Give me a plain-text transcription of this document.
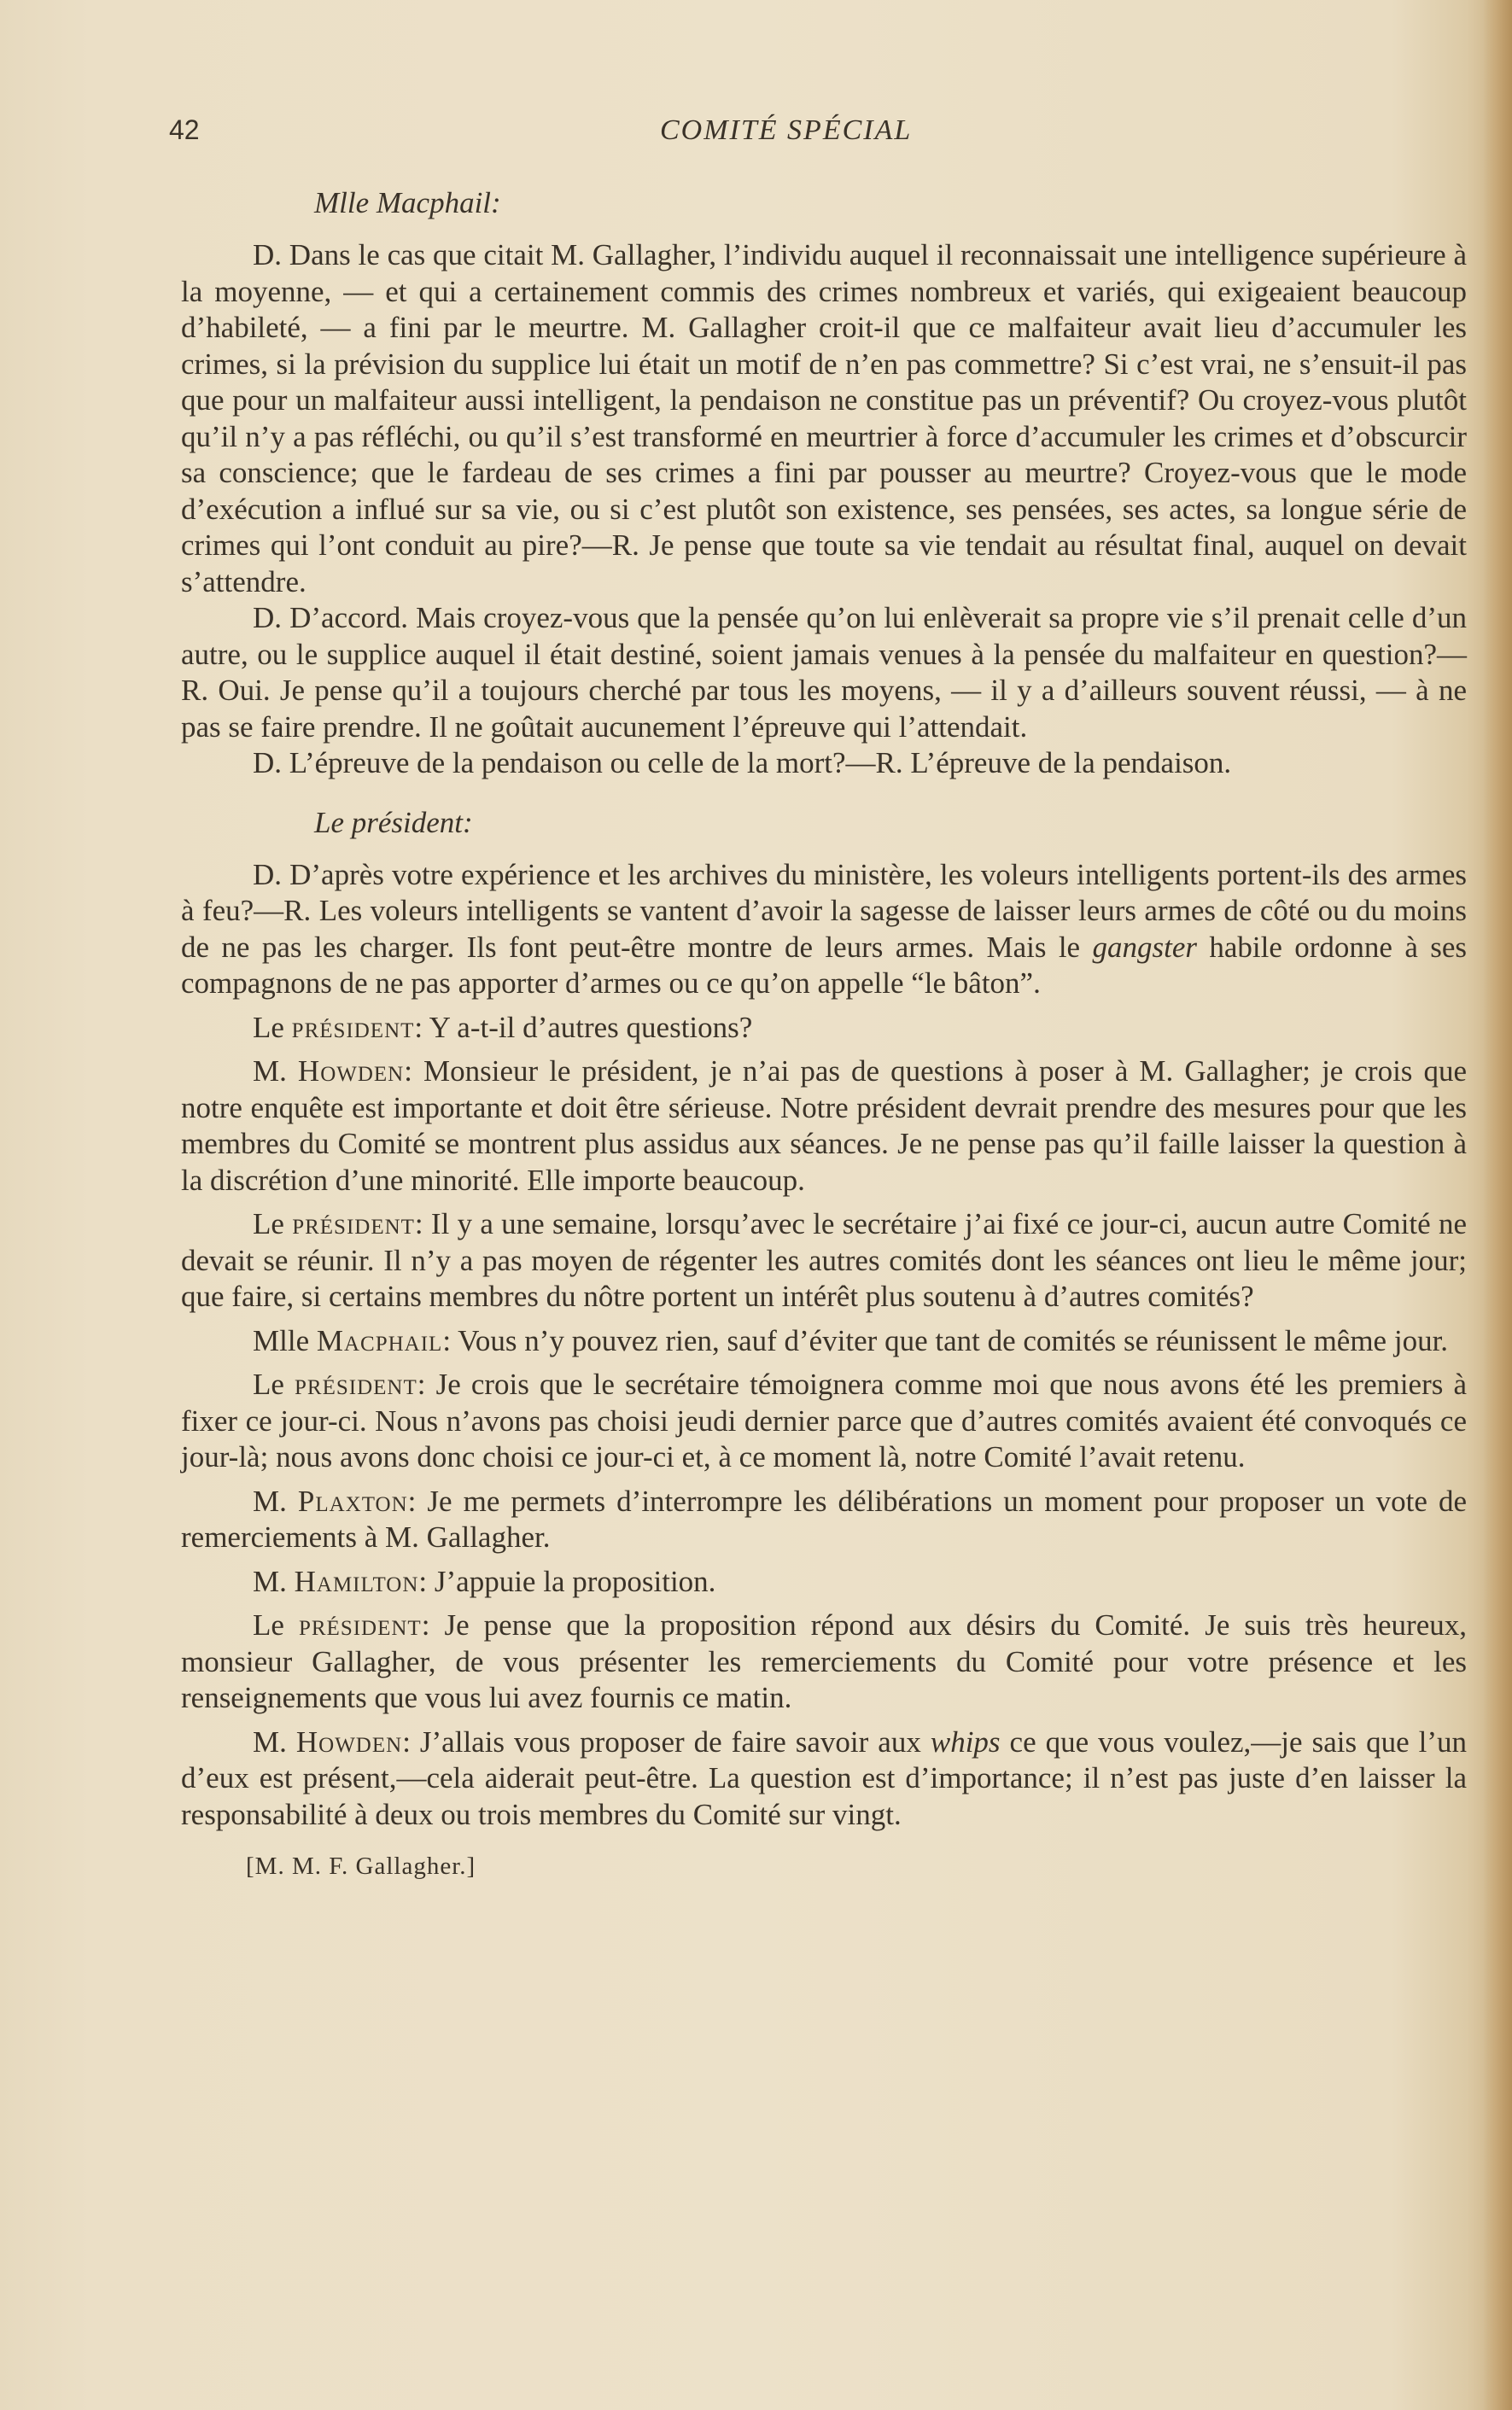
42	COMITÉ SPÉCIAL
Mlle Macphail:

D. Dans le cas que citait M. Gallagher, l’individu auquel il reconnaissait une intelligence supérieure à la moyenne, — et qui a certainement commis des crimes nombreux et variés, qui exigeaient beaucoup d’habileté, — a fini par le meurtre. M. Gallagher croit-il que ce malfaiteur avait lieu d’accumuler les crimes, si la prévision du supplice lui était un motif de n’en pas commettre? Si c’est vrai, ne s’ensuit-il pas que pour un malfaiteur aussi intelligent, la pendaison ne constitue pas un préventif? Ou croyez-vous plutôt qu’il n’y a pas réfléchi, ou qu’il s’est transformé en meurtrier à force d’accumuler les crimes et d’obscurcir sa conscience; que le fardeau de ses crimes a fini par pousser au meurtre? Croyez-vous que le mode d’exécution a influé sur sa vie, ou si c’est plutôt son existence, ses pensées, ses actes, sa longue série de crimes qui l’ont conduit au pire?—R. Je pense que toute sa vie tendait au résultat final, auquel on devait s’attendre.

D. D’accord. Mais croyez-vous que la pensée qu’on lui enlèverait sa propre vie s’il prenait celle d’un autre, ou le supplice auquel il était destiné, soient jamais venues à la pensée du malfaiteur en question?—R. Oui. Je pense qu’il a toujours cherché par tous les moyens, — il y a d’ailleurs souvent réussi, — à ne pas se faire prendre. Il ne goûtait aucunement l’épreuve qui l’attendait.

D. L’épreuve de la pendaison ou celle de la mort?—R. L’épreuve de la pendaison.

Le président:

D. D’après votre expérience et les archives du ministère, les voleurs intelligents portent-ils des armes à feu?—R. Les voleurs intelligents se vantent d’avoir la sagesse de laisser leurs armes de côté ou du moins de ne pas les charger. Ils font peut-être montre de leurs armes. Mais le gangster habile ordonne à ses compagnons de ne pas apporter d’armes ou ce qu’on appelle “le bâton”.

Le président: Y a-t-il d’autres questions?

M. Howden: Monsieur le président, je n’ai pas de questions à poser à M. Gallagher; je crois que notre enquête est importante et doit être sérieuse. Notre président devrait prendre des mesures pour que les membres du Comité se montrent plus assidus aux séances. Je ne pense pas qu’il faille laisser la question à la discrétion d’une minorité. Elle importe beaucoup.

Le président: Il y a une semaine, lorsqu’avec le secrétaire j’ai fixé ce jour-ci, aucun autre Comité ne devait se réunir. Il n’y a pas moyen de régenter les autres comités dont les séances ont lieu le même jour; que faire, si certains membres du nôtre portent un intérêt plus soutenu à d’autres comités?

Mlle Macphail: Vous n’y pouvez rien, sauf d’éviter que tant de comités se réunissent le même jour.

Le président: Je crois que le secrétaire témoignera comme moi que nous avons été les premiers à fixer ce jour-ci. Nous n’avons pas choisi jeudi dernier parce que d’autres comités avaient été convoqués ce jour-là; nous avons donc choisi ce jour-ci et, à ce moment là, notre Comité l’avait retenu.

M. Plaxton: Je me permets d’interrompre les délibérations un moment pour proposer un vote de remerciements à M. Gallagher.

M. Hamilton: J’appuie la proposition.

Le président: Je pense que la proposition répond aux désirs du Comité. Je suis très heureux, monsieur Gallagher, de vous présenter les remerciements du Comité pour votre présence et les renseignements que vous lui avez fournis ce matin.

M. Howden: J’allais vous proposer de faire savoir aux whips ce que vous voulez,—je sais que l’un d’eux est présent,—cela aiderait peut-être. La question est d’importance; il n’est pas juste d’en laisser la responsabilité à deux ou trois membres du Comité sur vingt.

[M. M. F. Gallagher.]
